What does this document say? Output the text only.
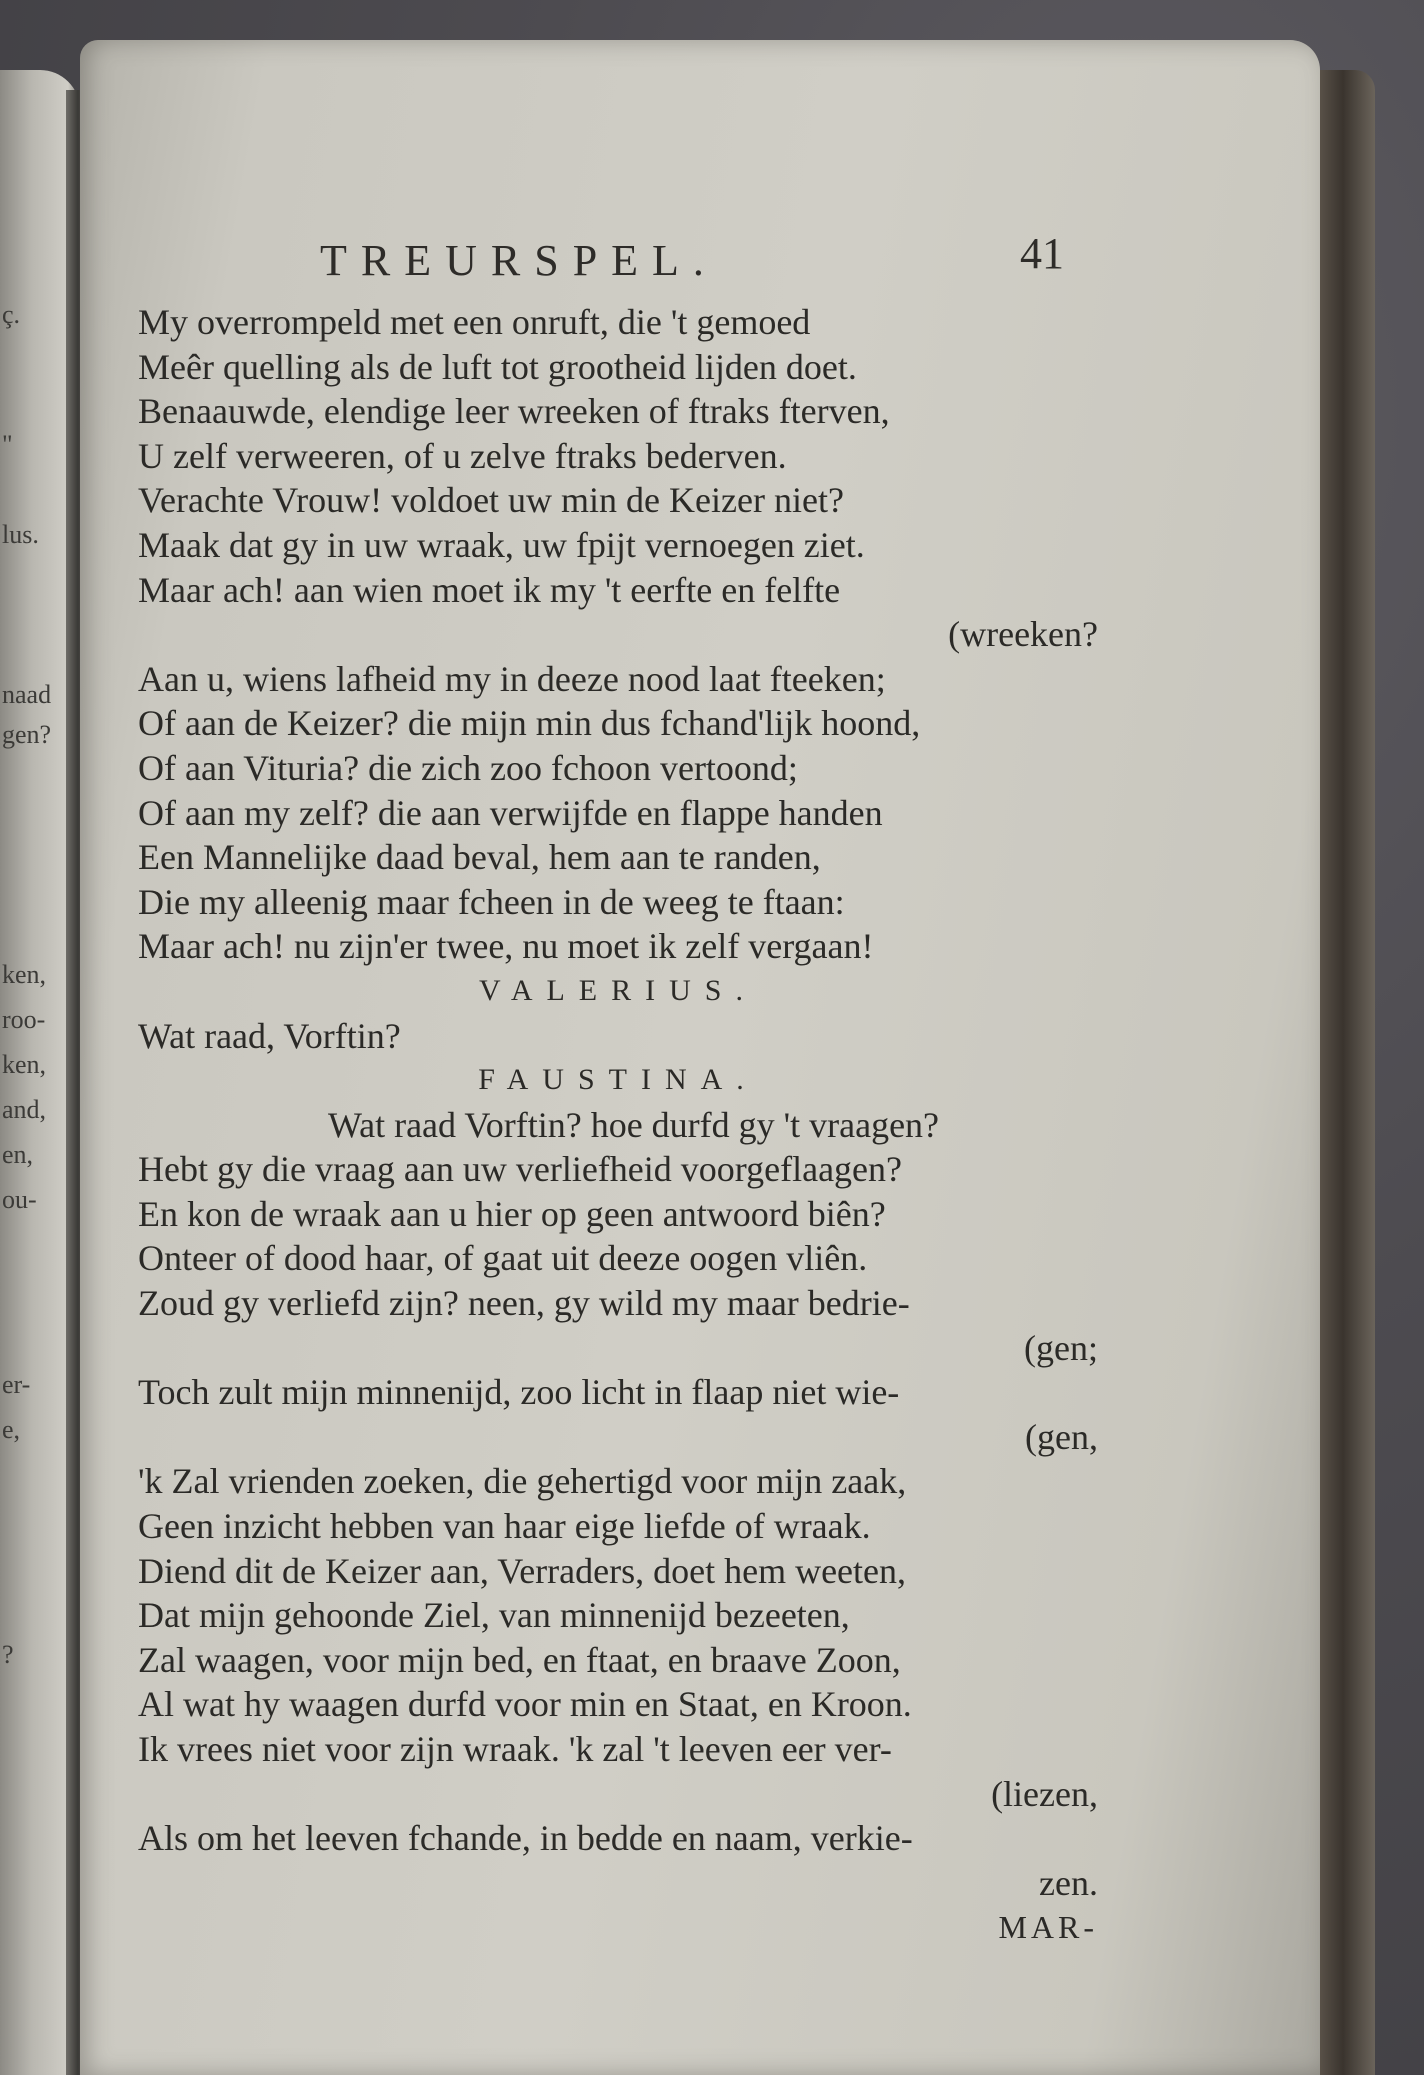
ç.
"
lus.
naad
gen?
ken,
roo-
ken,
and,
en,
ou-
er-
e,
?
TREURSPEL.	41
My overrompeld met een onruft, die 't gemoed
Meêr quelling als de luft tot grootheid lijden doet.
Benaauwde, elendige leer wreeken of ftraks fterven,
U zelf verweeren, of u zelve ftraks bederven.
Verachte Vrouw! voldoet uw min de Keizer niet?
Maak dat gy in uw wraak, uw fpijt vernoegen ziet.
Maar ach! aan wien moet ik my 't eerfte en felfte
(wreeken?
Aan u, wiens lafheid my in deeze nood laat fteeken;
Of aan de Keizer? die mijn min dus fchand'lijk hoond,
Of aan Vituria? die zich zoo fchoon vertoond;
Of aan my zelf? die aan verwijfde en flappe handen
Een Mannelijke daad beval, hem aan te randen,
Die my alleenig maar fcheen in de weeg te ftaan:
Maar ach! nu zijn'er twee, nu moet ik zelf vergaan!
VALERIUS.
Wat raad, Vorftin?
FAUSTINA.
Wat raad Vorftin? hoe durfd gy 't vraagen?
Hebt gy die vraag aan uw verliefheid voorgeflaagen?
En kon de wraak aan u hier op geen antwoord biên?
Onteer of dood haar, of gaat uit deeze oogen vliên.
Zoud gy verliefd zijn? neen, gy wild my maar bedrie-
(gen;
Toch zult mijn minnenijd, zoo licht in flaap niet wie-
(gen,
'k Zal vrienden zoeken, die gehertigd voor mijn zaak,
Geen inzicht hebben van haar eige liefde of wraak.
Diend dit de Keizer aan, Verraders, doet hem weeten,
Dat mijn gehoonde Ziel, van minnenijd bezeeten,
Zal waagen, voor mijn bed, en ftaat, en braave Zoon,
Al wat hy waagen durfd voor min en Staat, en Kroon.
Ik vrees niet voor zijn wraak. 'k zal 't leeven eer ver-
(liezen,
Als om het leeven fchande, in bedde en naam, verkie-
zen.
MAR-
